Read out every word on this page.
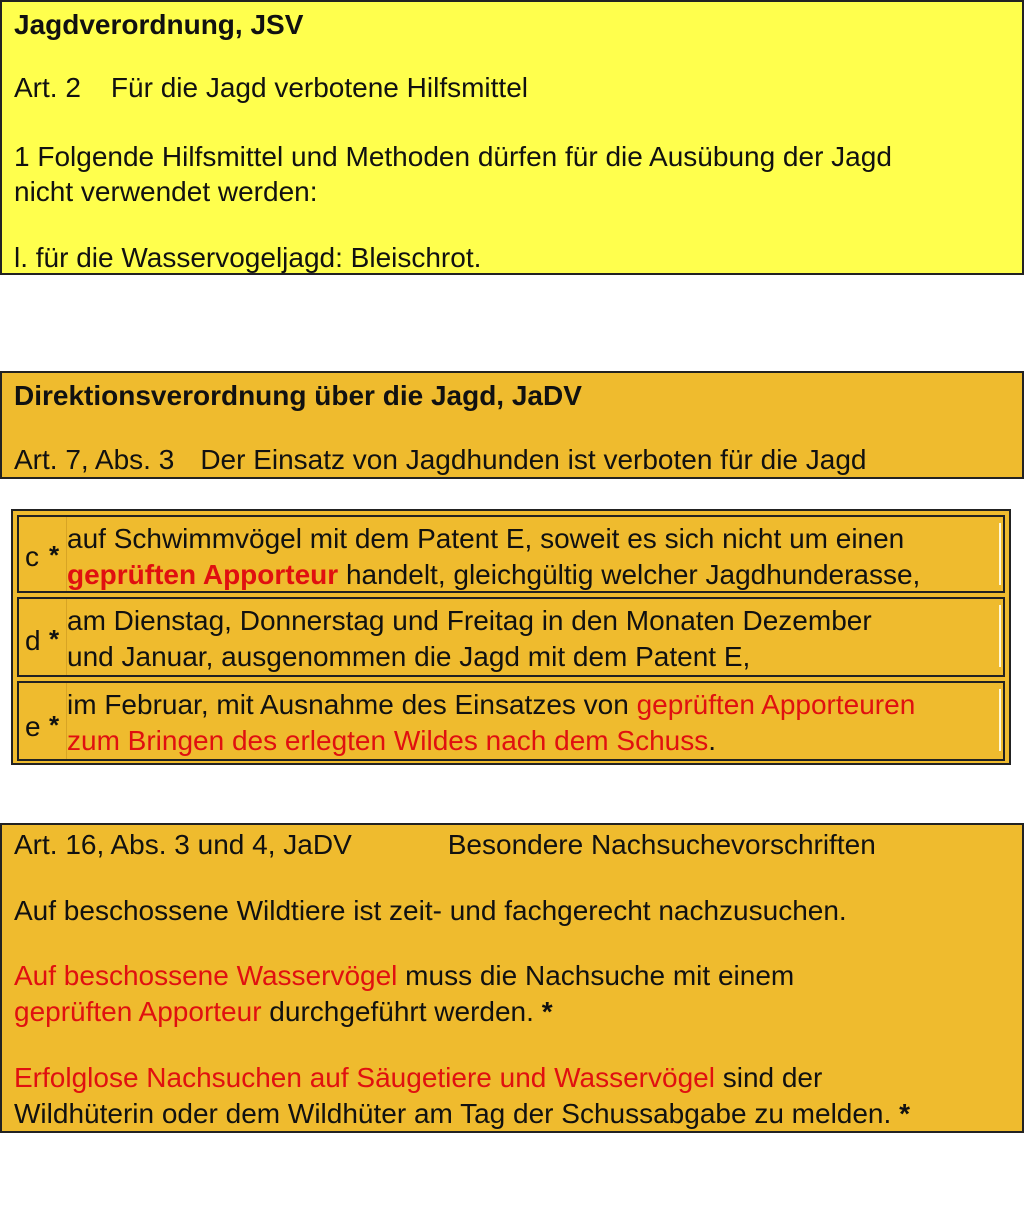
Jagdverordnung, JSV

Art. 2 Für die Jagd verbotene Hilfsmittel

1 Folgende Hilfsmittel und Methoden dürfen für die Ausübung der Jagd

nicht verwendet werden:

l. für die Wasservogeljagd: Bleischrot.

Direktionsverordnung über die Jagd, JaDV

Art. 7, Abs. 3 Der Einsatz von Jagdhunden ist verboten für die Jagd

c *
auf Schwimmvögel mit dem Patent E, soweit es sich nicht um einen
geprüften Apporteur handelt, gleichgültig welcher Jagdhunderasse,
d *
am Dienstag, Donnerstag und Freitag in den Monaten Dezember
und Januar, ausgenommen die Jagd mit dem Patent E,
e *
im Februar, mit Ausnahme des Einsatzes von geprüften Apporteuren
zum Bringen des erlegten Wildes nach dem Schuss.

Art. 16, Abs. 3 und 4, JaDV	Besondere Nachsuchevorschriften

Auf beschossene Wildtiere ist zeit- und fachgerecht nachzusuchen.

Auf beschossene Wasservögel muss die Nachsuche mit einem

geprüften Apporteur durchgeführt werden. *

Erfolglose Nachsuchen auf Säugetiere und Wasservögel sind der

Wildhüterin oder dem Wildhüter am Tag der Schussabgabe zu melden. *
